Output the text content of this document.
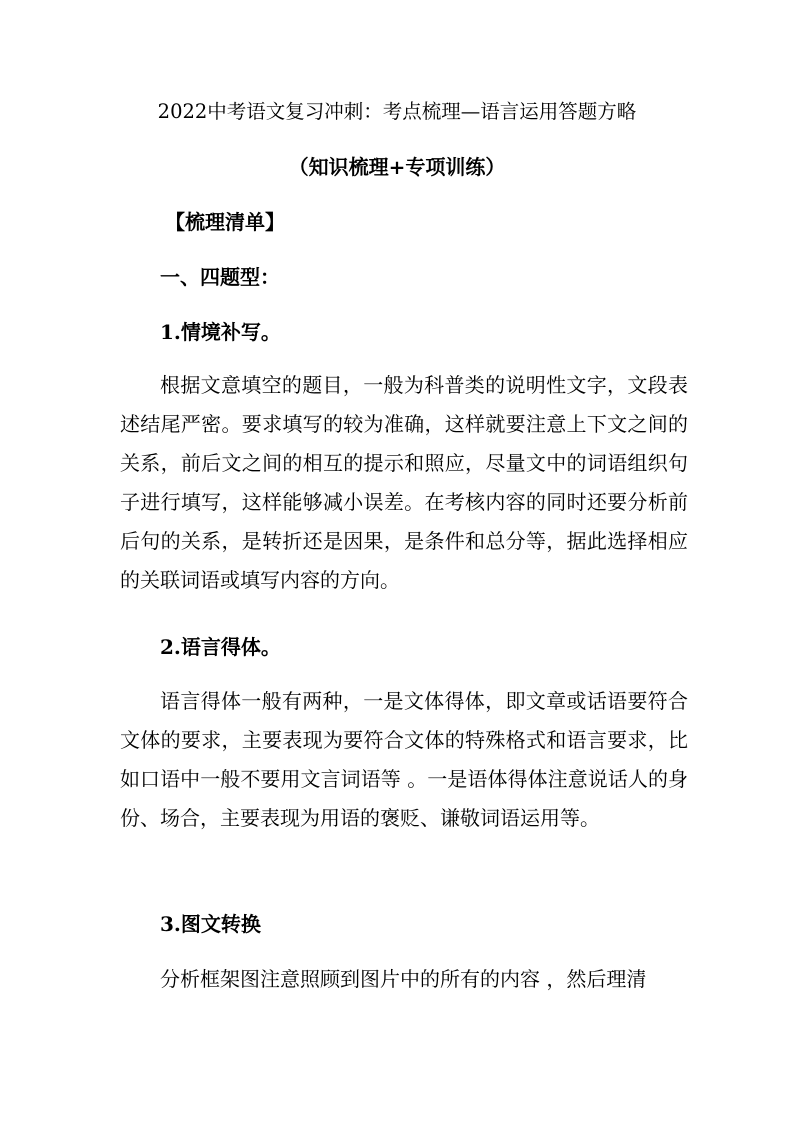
2022中考语文复习冲刺：考点梳理—语言运用答题方略

（知识梳理+专项训练）

【梳理清单】

一、四题型：

1.情境补写。

根据文意填空的题目，一般为科普类的说明性文字，文段表述结尾严密。要求填写的较为准确，这样就要注意上下文之间的关系，前后文之间的相互的提示和照应，尽量文中的词语组织句子进行填写，这样能够减小误差。在考核内容的同时还要分析前后句的关系，是转折还是因果，是条件和总分等，据此选择相应的关联词语或填写内容的方向。

2.语言得体。

语言得体一般有两种，一是文体得体，即文章或话语要符合文体的要求，主要表现为要符合文体的特殊格式和语言要求，比如口语中一般不要用文言词语等 。一是语体得体注意说话人的身份、场合，主要表现为用语的褒贬、谦敬词语运用等。

3.图文转换

分析框架图注意照顾到图片中的所有的内容 ，然后理清
